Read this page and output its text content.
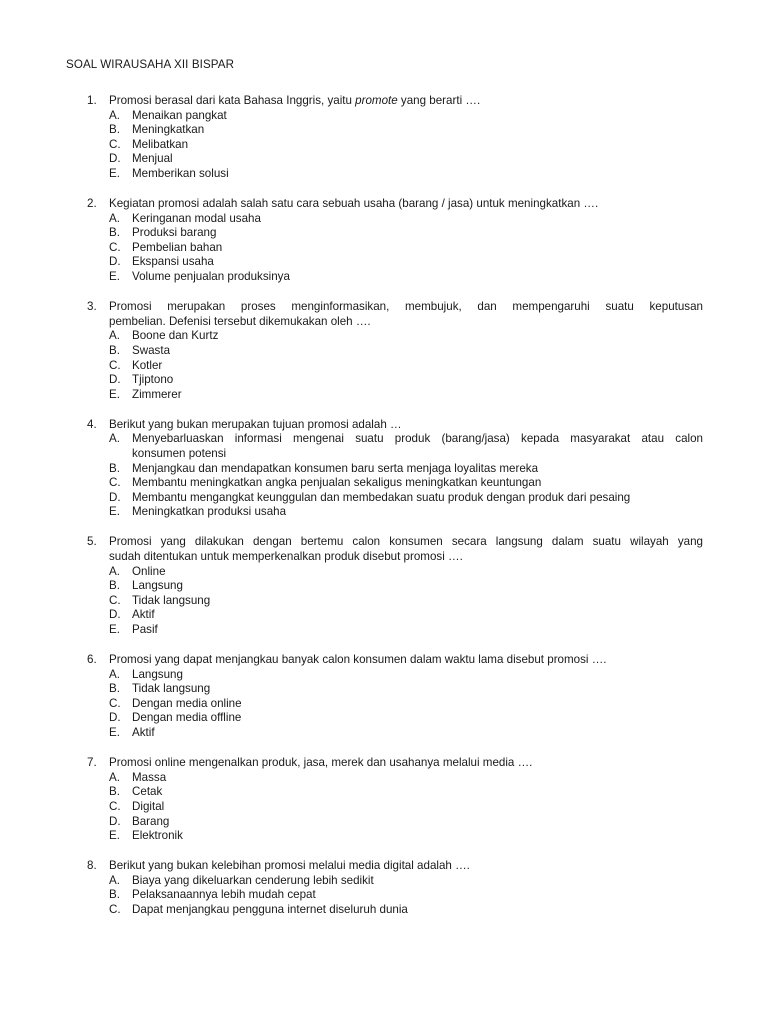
SOAL WIRAUSAHA XII BISPAR
1. Promosi berasal dari kata Bahasa Inggris, yaitu promote yang berarti ….
A. Menaikan pangkat
B. Meningkatkan
C. Melibatkan
D. Menjual
E. Memberikan solusi
2. Kegiatan promosi adalah salah satu cara sebuah usaha (barang / jasa) untuk meningkatkan ….
A. Keringanan modal usaha
B. Produksi barang
C. Pembelian bahan
D. Ekspansi usaha
E. Volume penjualan produksinya
3. Promosi merupakan proses menginformasikan, membujuk, dan mempengaruhi suatu keputusan
pembelian. Defenisi tersebut dikemukakan oleh ….
A. Boone dan Kurtz
B. Swasta
C. Kotler
D. Tjiptono
E. Zimmerer
4. Berikut yang bukan merupakan tujuan promosi adalah …
A. Menyebarluaskan informasi mengenai suatu produk (barang/jasa) kepada masyarakat atau calon
konsumen potensi
B. Menjangkau dan mendapatkan konsumen baru serta menjaga loyalitas mereka
C. Membantu meningkatkan angka penjualan sekaligus meningkatkan keuntungan
D. Membantu mengangkat keunggulan dan membedakan suatu produk dengan produk dari pesaing
E. Meningkatkan produksi usaha
5. Promosi yang dilakukan dengan bertemu calon konsumen secara langsung dalam suatu wilayah yang
sudah ditentukan untuk memperkenalkan produk disebut promosi ….
A. Online
B. Langsung
C. Tidak langsung
D. Aktif
E. Pasif
6. Promosi yang dapat menjangkau banyak calon konsumen dalam waktu lama disebut promosi ….
A. Langsung
B. Tidak langsung
C. Dengan media online
D. Dengan media offline
E. Aktif
7. Promosi online mengenalkan produk, jasa, merek dan usahanya melalui media ….
A. Massa
B. Cetak
C. Digital
D. Barang
E. Elektronik
8. Berikut yang bukan kelebihan promosi melalui media digital adalah ….
A. Biaya yang dikeluarkan cenderung lebih sedikit
B. Pelaksanaannya lebih mudah cepat
C. Dapat menjangkau pengguna internet diseluruh dunia
